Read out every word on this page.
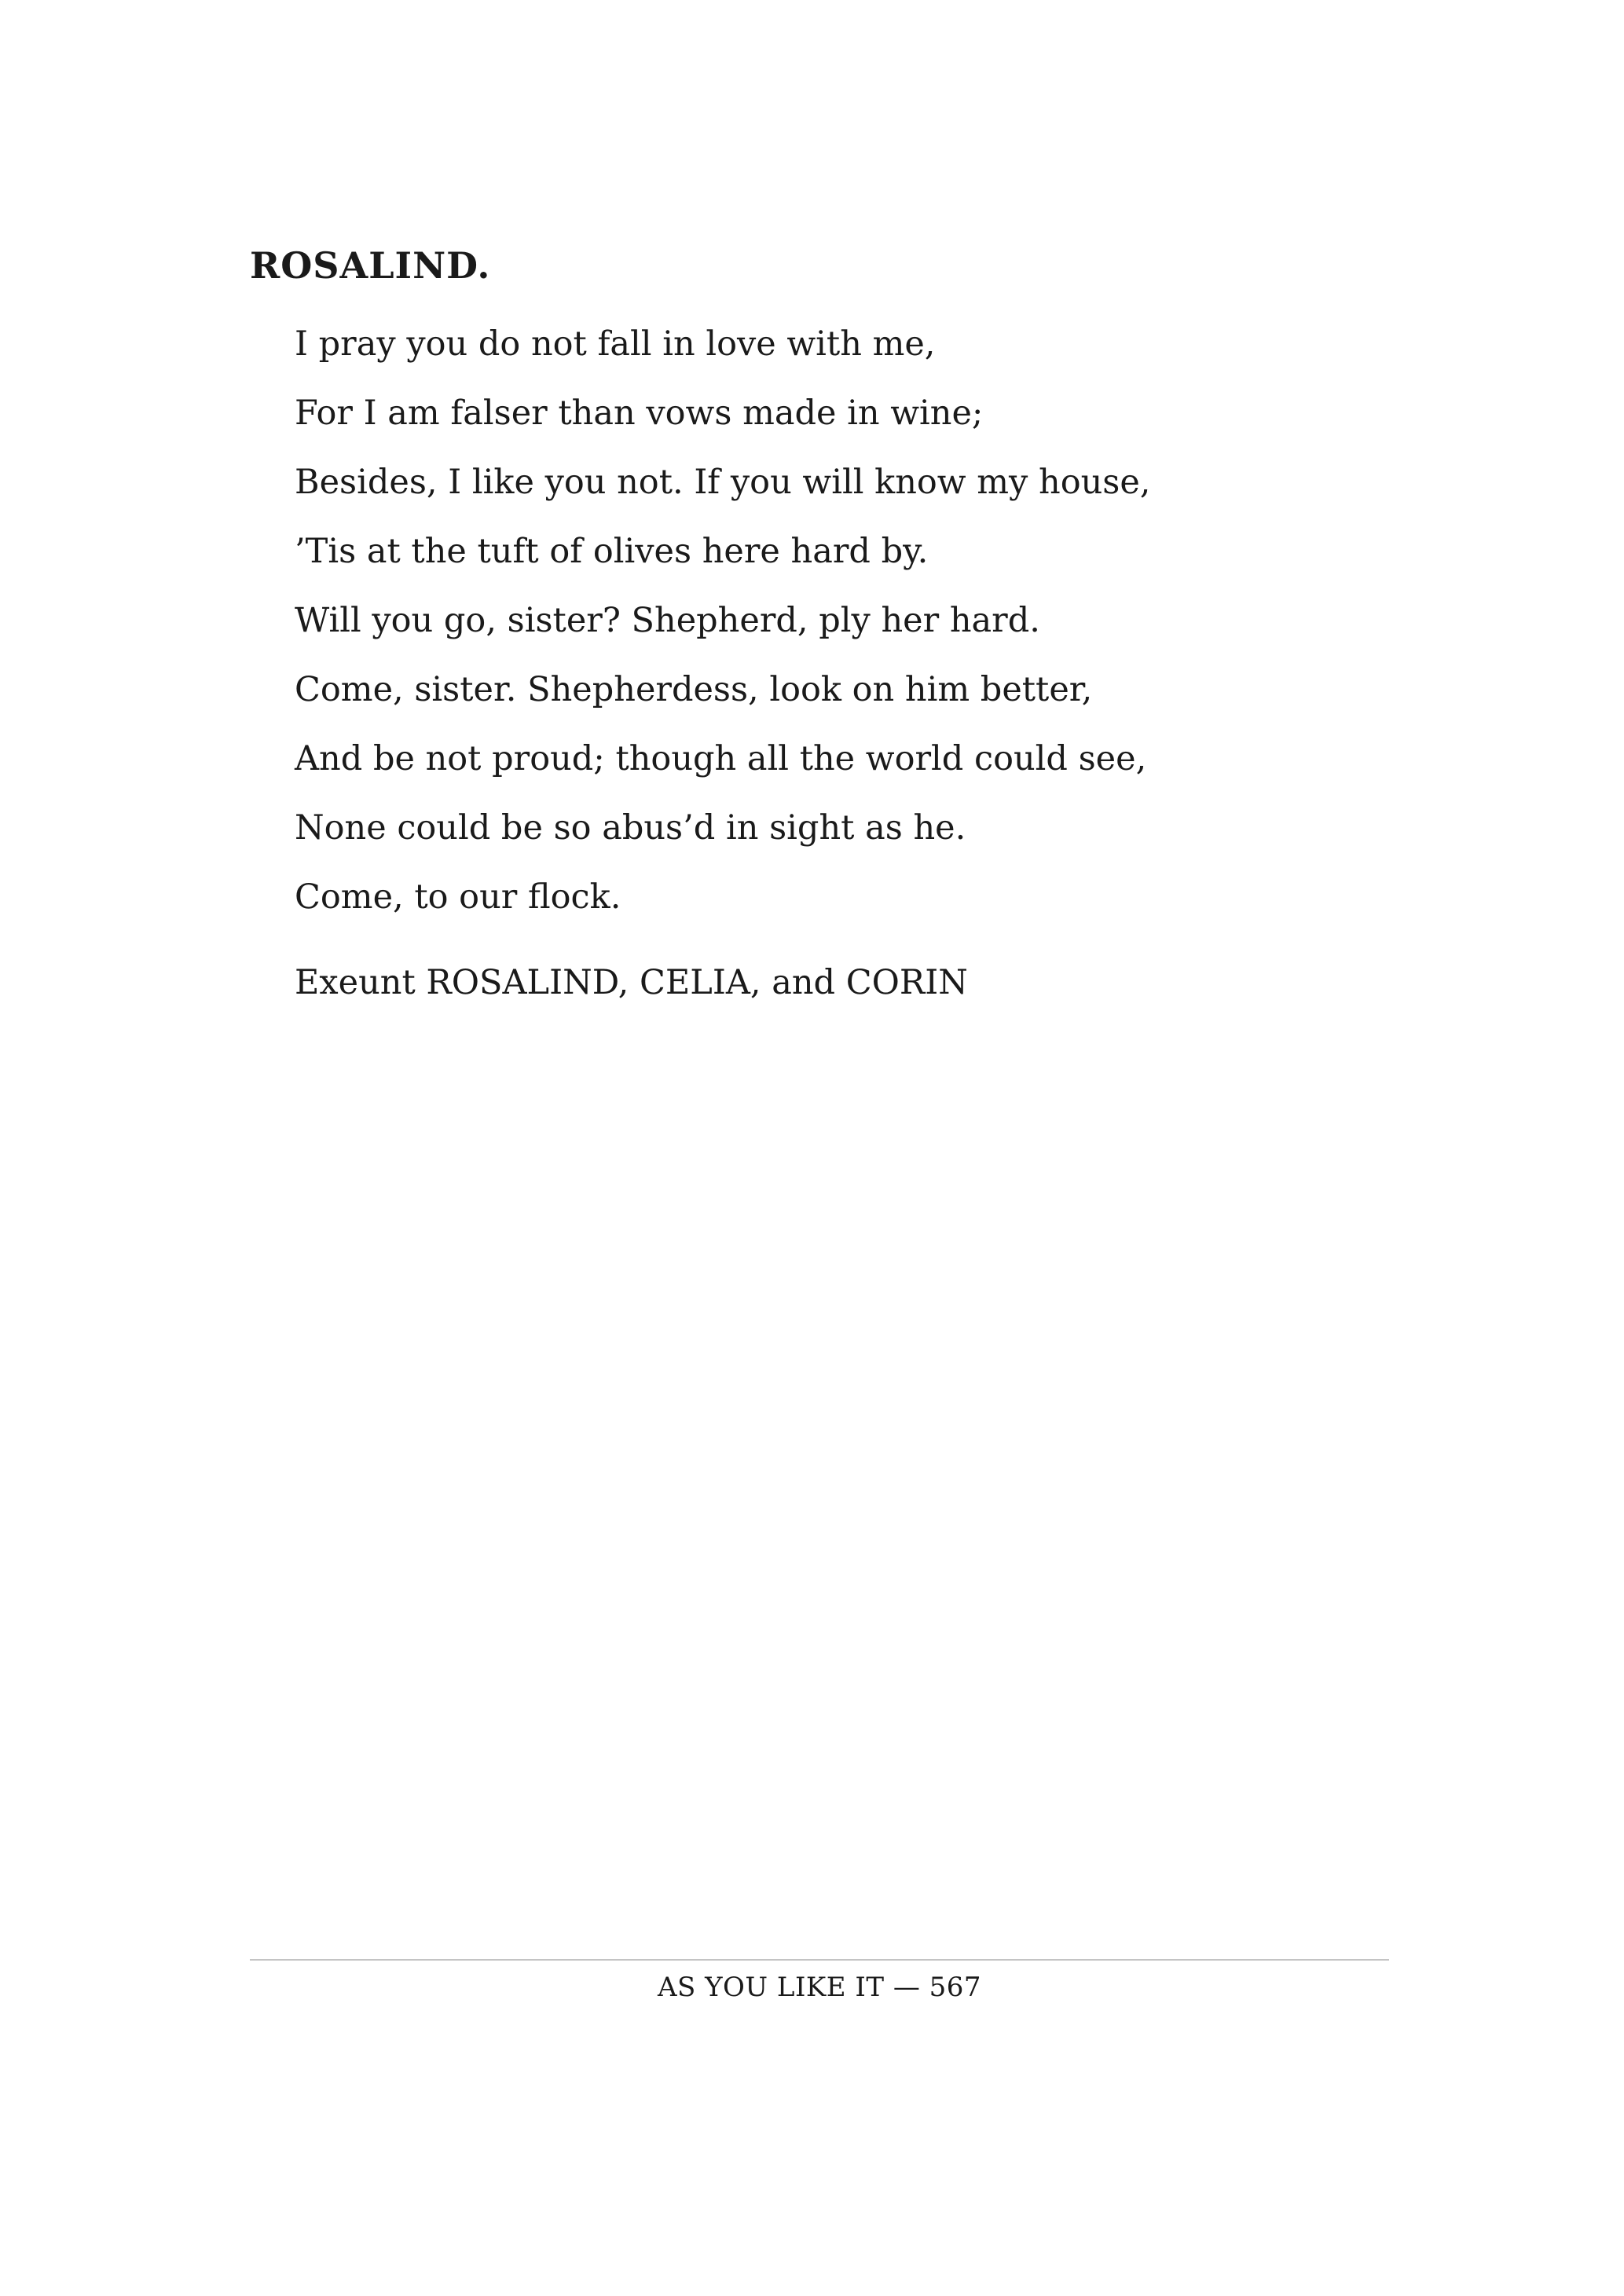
ROSALIND.
I pray you do not fall in love with me,
For I am falser than vows made in wine;
Besides, I like you not. If you will know my house,
’Tis at the tuft of olives here hard by.
Will you go, sister? Shepherd, ply her hard.
Come, sister. Shepherdess, look on him better,
And be not proud; though all the world could see,
None could be so abus’d in sight as he.
Come, to our flock.

Exeunt ROSALIND, CELIA, and CORIN

AS YOU LIKE IT — 567
